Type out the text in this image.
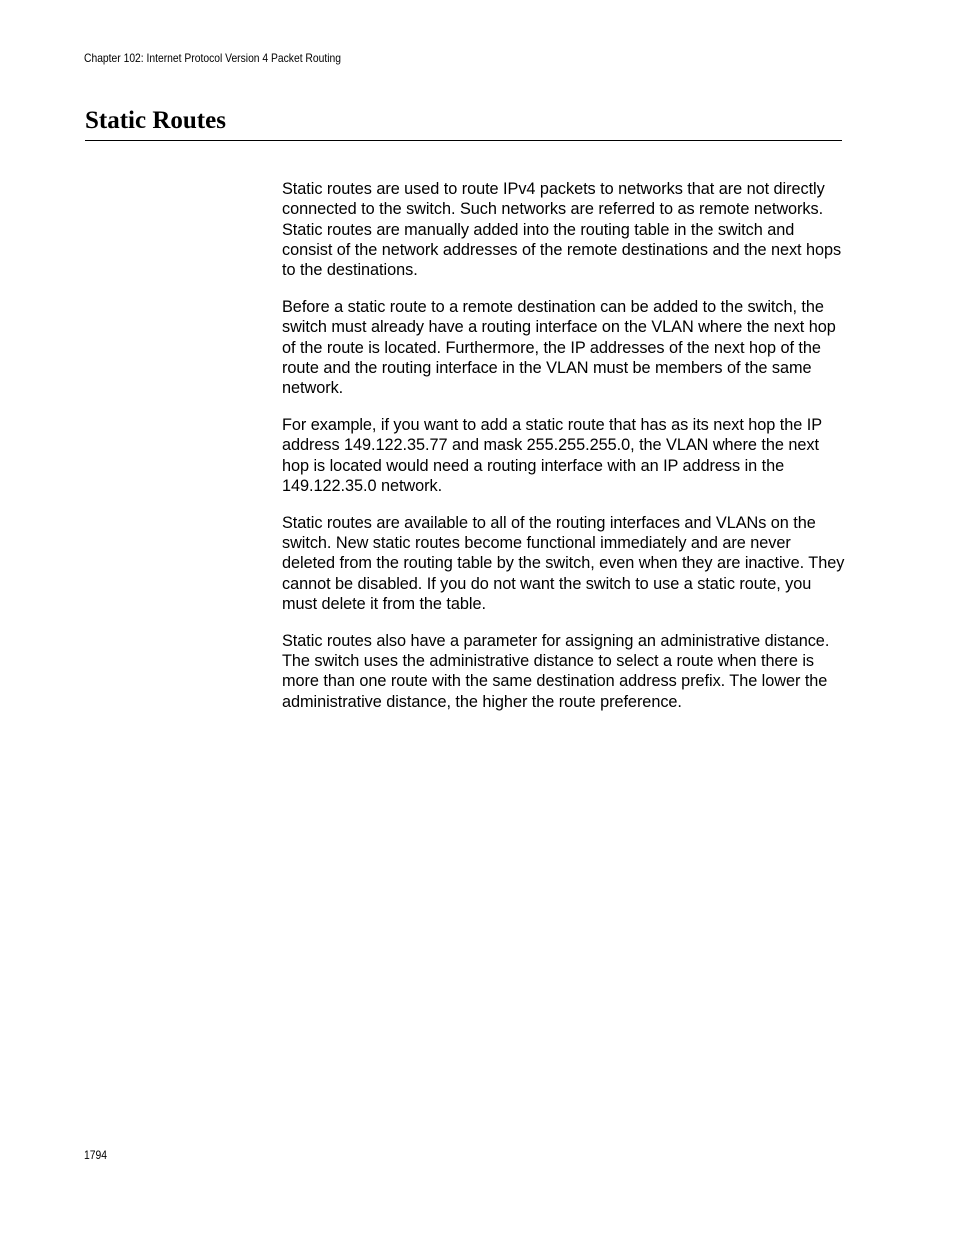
Chapter 102: Internet Protocol Version 4 Packet Routing
Static Routes

Static routes are used to route IPv4 packets to networks that are not directly connected to the switch. Such networks are referred to as remote networks. Static routes are manually added into the routing table in the switch and consist of the network addresses of the remote destinations and the next hops to the destinations.

Before a static route to a remote destination can be added to the switch, the switch must already have a routing interface on the VLAN where the next hop of the route is located. Furthermore, the IP addresses of the next hop of the route and the routing interface in the VLAN must be members of the same network.

For example, if you want to add a static route that has as its next hop the IP address 149.122.35.77 and mask 255.255.255.0, the VLAN where the next hop is located would need a routing interface with an IP address in the 149.122.35.0 network.

Static routes are available to all of the routing interfaces and VLANs on the switch. New static routes become functional immediately and are never deleted from the routing table by the switch, even when they are inactive. They cannot be disabled. If you do not want the switch to use a static route, you must delete it from the table.

Static routes also have a parameter for assigning an administrative distance. The switch uses the administrative distance to select a route when there is more than one route with the same destination address prefix. The lower the administrative distance, the higher the route preference.

1794
